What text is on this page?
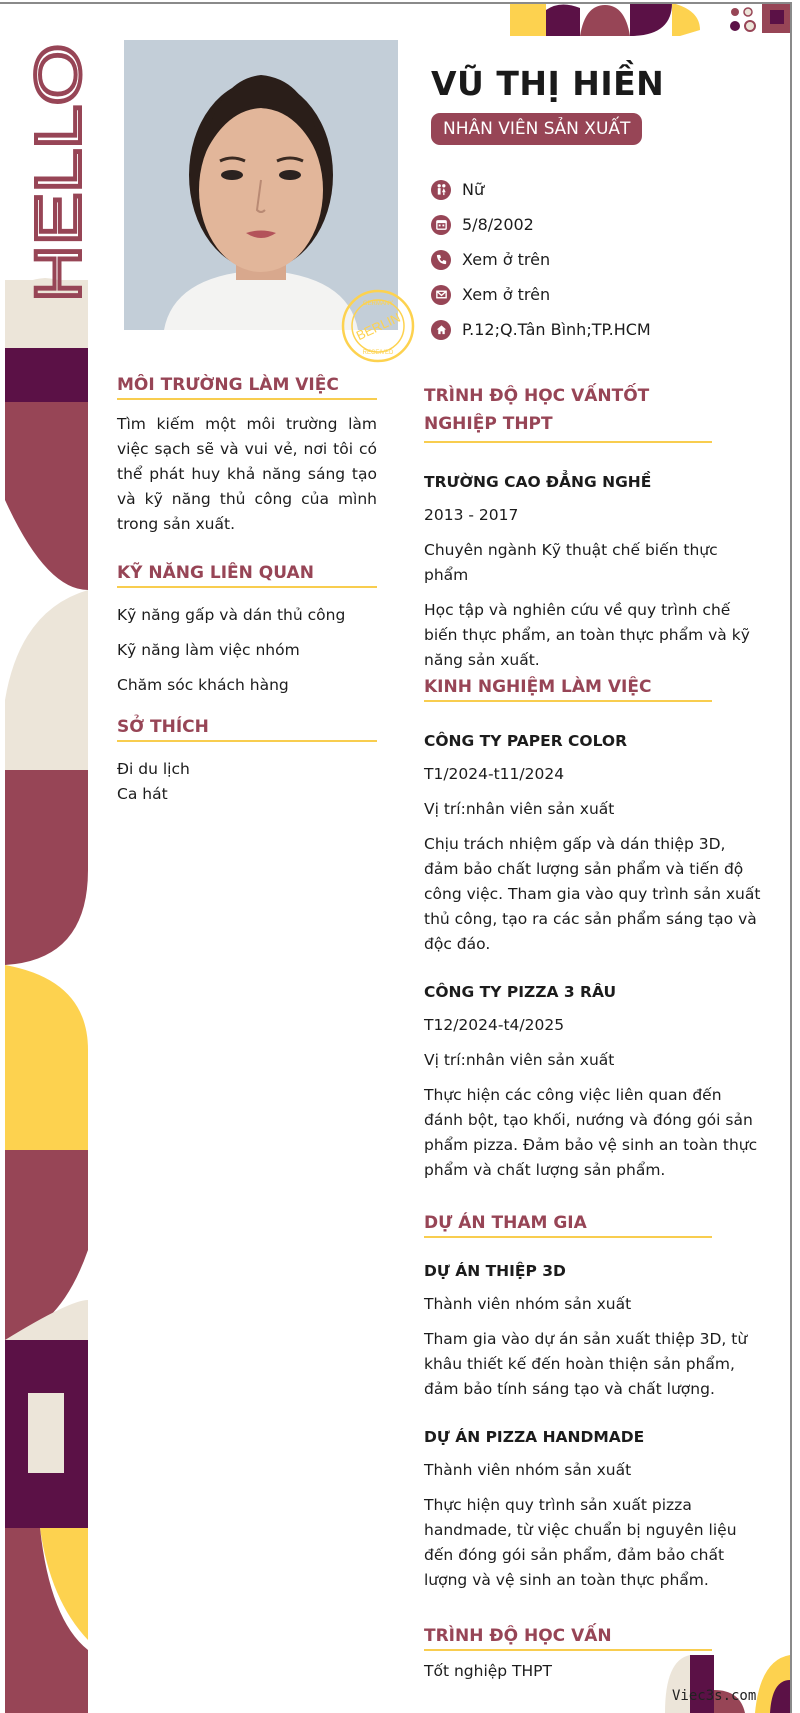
HELLO
GERMANY
BERLIN
RECEIVED
VŨ THỊ HIỀN
NHÂN VIÊN SẢN XUẤT
Nữ
5/8/2002
Xem ở trên
Xem ở trên
P.12;Q.Tân Bình;TP.HCM
MÔI TRƯỜNG LÀM VIỆC
Tìm kiếm một môi trường làm việc sạch sẽ và vui vẻ, nơi tôi có thể phát huy khả năng sáng tạo và kỹ năng thủ công của mình trong sản xuất.
KỸ NĂNG LIÊN QUAN
Kỹ năng gấp và dán thủ công
Kỹ năng làm việc nhóm
Chăm sóc khách hàng
SỞ THÍCH
Đi du lịch
Ca hát
TRÌNH ĐỘ HỌC VẤNTỐT NGHIỆP THPT
TRƯỜNG CAO ĐẲNG NGHỀ
2013 - 2017
Chuyên ngành Kỹ thuật chế biến thực phẩm
Học tập và nghiên cứu về quy trình chế biến thực phẩm, an toàn thực phẩm và kỹ năng sản xuất.
KINH NGHIỆM LÀM VIỆC
CÔNG TY PAPER COLOR
T1/2024-t11/2024
Vị trí:nhân viên sản xuất
Chịu trách nhiệm gấp và dán thiệp 3D, đảm bảo chất lượng sản phẩm và tiến độ công việc. Tham gia vào quy trình sản xuất thủ công, tạo ra các sản phẩm sáng tạo và độc đáo.
CÔNG TY PIZZA 3 RÂU
T12/2024-t4/2025
Vị trí:nhân viên sản xuất
Thực hiện các công việc liên quan đến đánh bột, tạo khối, nướng và đóng gói sản phẩm pizza. Đảm bảo vệ sinh an toàn thực phẩm và chất lượng sản phẩm.
DỰ ÁN THAM GIA
DỰ ÁN THIỆP 3D
Thành viên nhóm sản xuất
Tham gia vào dự án sản xuất thiệp 3D, từ khâu thiết kế đến hoàn thiện sản phẩm, đảm bảo tính sáng tạo và chất lượng.
DỰ ÁN PIZZA HANDMADE
Thành viên nhóm sản xuất
Thực hiện quy trình sản xuất pizza handmade, từ việc chuẩn bị nguyên liệu đến đóng gói sản phẩm, đảm bảo chất lượng và vệ sinh an toàn thực phẩm.
TRÌNH ĐỘ HỌC VẤN
Tốt nghiệp THPT
Viec3s.com
